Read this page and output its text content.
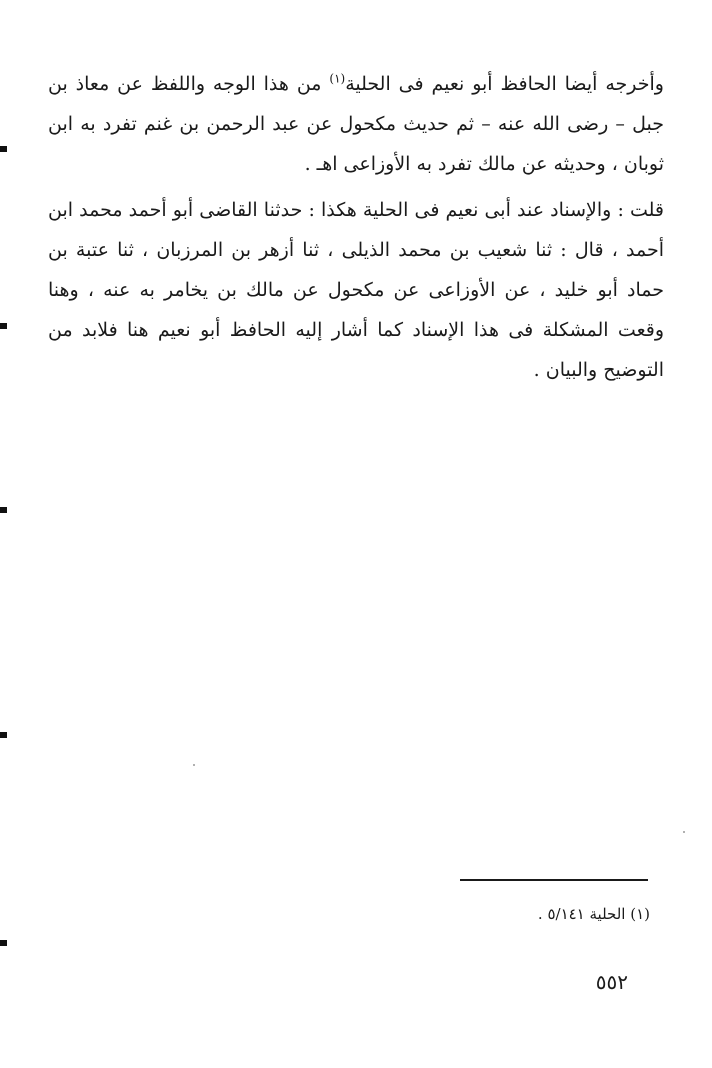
وأخرجه أيضا الحافظ أبو نعيم فى الحلية$^{(١)}$ من هذا الوجه واللفظ عن معاذ بن جبل – رضى الله عنه – ثم حديث مكحول عن عبد الرحمن بن غنم تفرد به ابن ثوبان ، وحديثه عن مالك تفرد به الأوزاعى اهـ .

قلت : والإسناد عند أبى نعيم فى الحلية هكذا : حدثنا القاضى أبو أحمد محمد ابن أحمد ، قال : ثنا شعيب بن محمد الذيلى ، ثنا أزهر بن المرزبان ، ثنا عتبة بن حماد أبو خليد ، عن الأوزاعى عن مكحول عن مالك بن يخامر به عنه ، وهنا وقعت المشكلة فى هذا الإسناد كما أشار إليه الحافظ أبو نعيم هنا فلابد من التوضيح والبيان .

(١) الحلية ٥/١٤١ .
٥٥٢
